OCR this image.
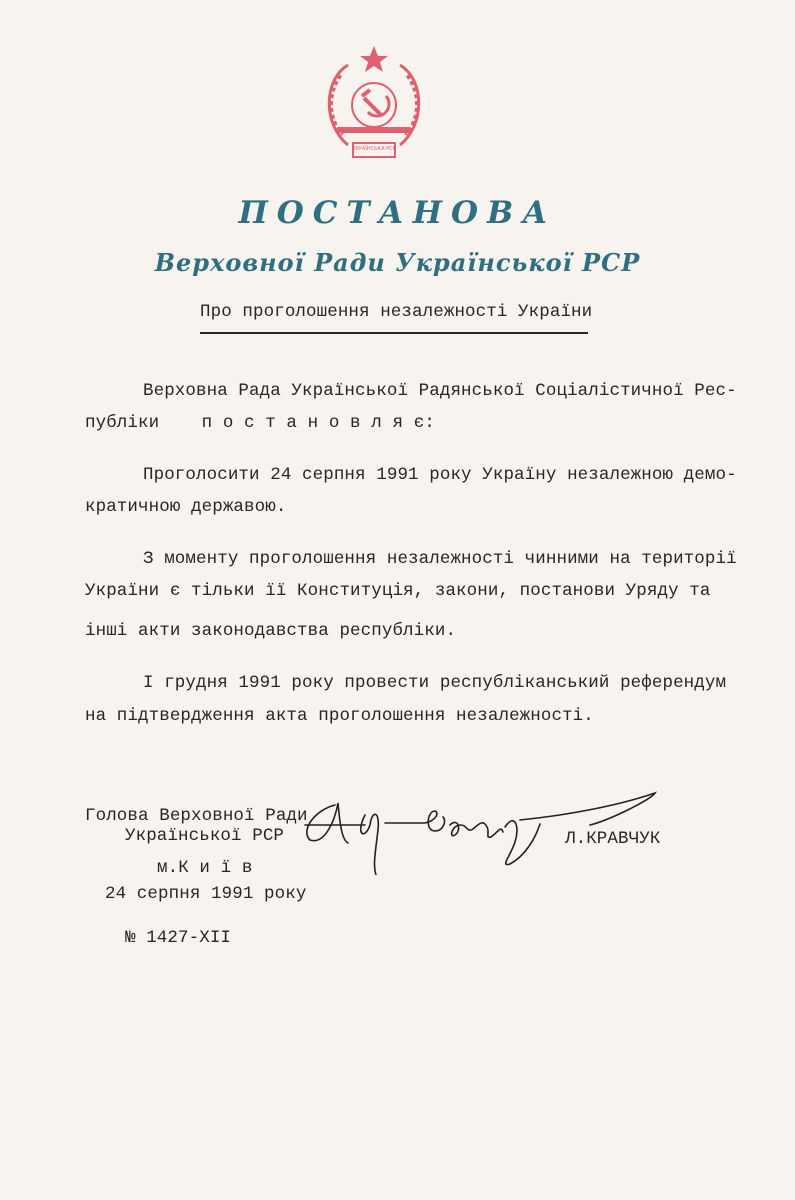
УКРАЇНСЬКА РСР
ПОСТАНОВА
Верховної Ради Української РСР
Про проголошення незалежності України
Верховна Рада Української Радянської Соціалістичної Рес-
публіки    п о с т а н о в л я є:
Проголосити 24 серпня 1991 року Україну незалежною демо-
кратичною державою.
З моменту проголошення незалежності чинними на території
України є тільки її Конституція, закони, постанови Уряду та
інші акти законодавства республіки.
І грудня 1991 року провести республіканський референдум
на підтвердження акта проголошення незалежності.
Голова Верховної Ради
Української РСР	Л.КРАВЧУК
м.К и ї в
24 серпня 1991 року
№ 1427-ХІІ
